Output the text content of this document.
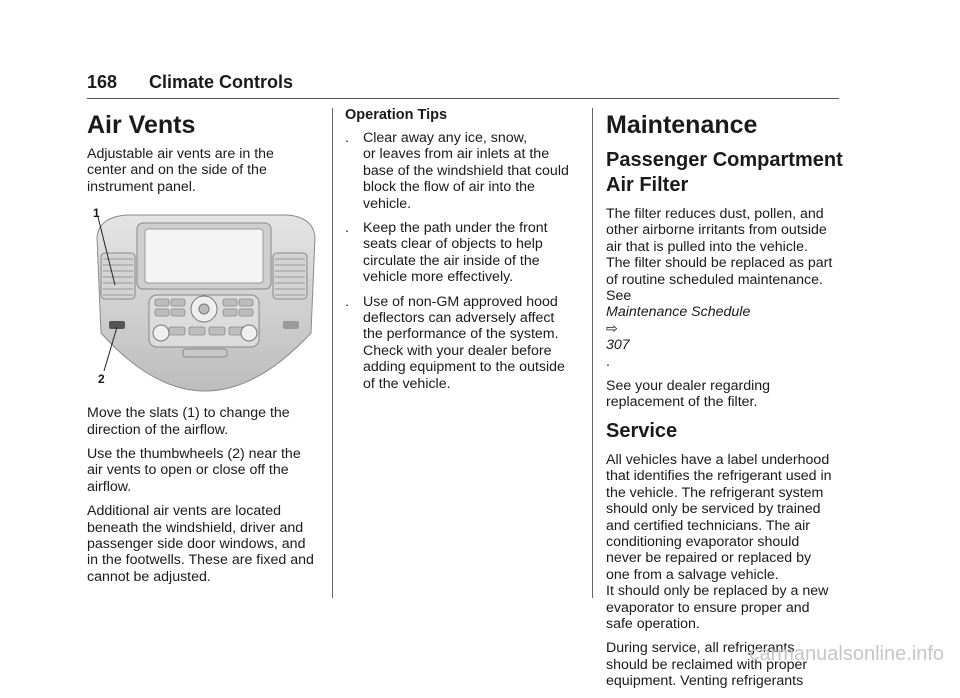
168 Climate Controls
Air Vents

Adjustable air vents are in the
center and on the side of the
instrument panel.

1
2

Move the slats (1) to change the
direction of the airflow.

Use the thumbwheels (2) near the
air vents to open or close off the
airflow.

Additional air vents are located
beneath the windshield, driver and
passenger side door windows, and
in the footwells. These are fixed and
cannot be adjusted.

Operation Tips
. Clear away any ice, snow,
or leaves from air inlets at the
base of the windshield that could
block the flow of air into the
vehicle.
. Keep the path under the front
seats clear of objects to help
circulate the air inside of the
vehicle more effectively.
. Use of non-GM approved hood
deflectors can adversely affect
the performance of the system.
Check with your dealer before
adding equipment to the outside
of the vehicle.
Maintenance
Passenger Compartment
Air Filter

The filter reduces dust, pollen, and
other airborne irritants from outside
air that is pulled into the vehicle.
The filter should be replaced as part
of routine scheduled maintenance.
See
Maintenance Schedule
⇨
307
.

See your dealer regarding
replacement of the filter.

Service

All vehicles have a label underhood
that identifies the refrigerant used in
the vehicle. The refrigerant system
should only be serviced by trained
and certified technicians. The air
conditioning evaporator should
never be repaired or replaced by
one from a salvage vehicle.
It should only be replaced by a new
evaporator to ensure proper and
safe operation.

During service, all refrigerants
should be reclaimed with proper
equipment. Venting refrigerants

carmanualsonline.info
